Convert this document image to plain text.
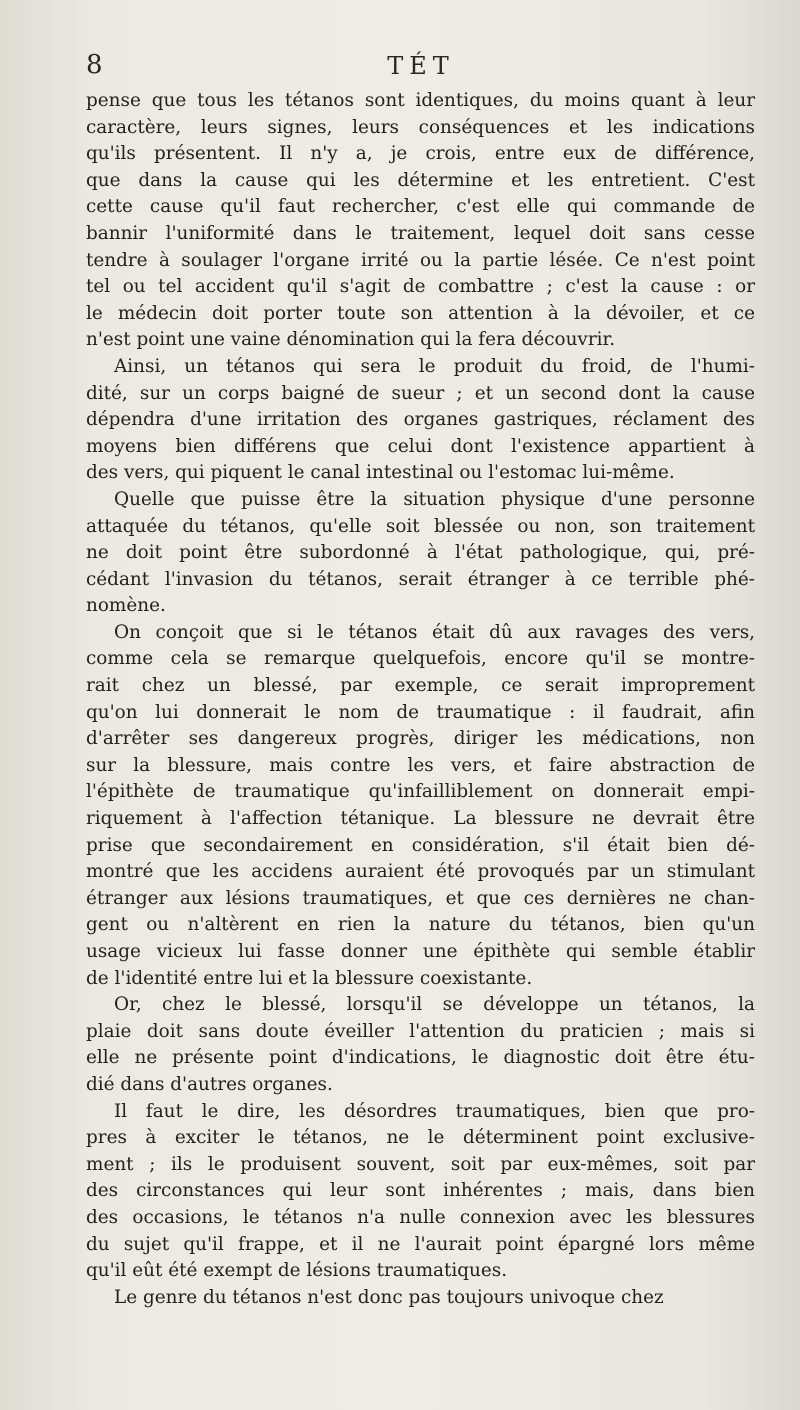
8	TÉT
pense que tous les tétanos sont identiques, du moins quant à leur
caractère, leurs signes, leurs conséquences et les indications
qu'ils présentent. Il n'y a, je crois, entre eux de différence,
que dans la cause qui les détermine et les entretient. C'est
cette cause qu'il faut rechercher, c'est elle qui commande de
bannir l'uniformité dans le traitement, lequel doit sans cesse
tendre à soulager l'organe irrité ou la partie lésée. Ce n'est point
tel ou tel accident qu'il s'agit de combattre ; c'est la cause : or
le médecin doit porter toute son attention à la dévoiler, et ce
n'est point une vaine dénomination qui la fera découvrir.
Ainsi, un tétanos qui sera le produit du froid, de l'humi-
dité, sur un corps baigné de sueur ; et un second dont la cause
dépendra d'une irritation des organes gastriques, réclament des
moyens bien différens que celui dont l'existence appartient à
des vers, qui piquent le canal intestinal ou l'estomac lui-même.
Quelle que puisse être la situation physique d'une personne
attaquée du tétanos, qu'elle soit blessée ou non, son traitement
ne doit point être subordonné à l'état pathologique, qui, pré-
cédant l'invasion du tétanos, serait étranger à ce terrible phé-
nomène.
On conçoit que si le tétanos était dû aux ravages des vers,
comme cela se remarque quelquefois, encore qu'il se montre-
rait chez un blessé, par exemple, ce serait improprement
qu'on lui donnerait le nom de traumatique : il faudrait, afin
d'arrêter ses dangereux progrès, diriger les médications, non
sur la blessure, mais contre les vers, et faire abstraction de
l'épithète de traumatique qu'infailliblement on donnerait empi-
riquement à l'affection tétanique. La blessure ne devrait être
prise que secondairement en considération, s'il était bien dé-
montré que les accidens auraient été provoqués par un stimulant
étranger aux lésions traumatiques, et que ces dernières ne chan-
gent ou n'altèrent en rien la nature du tétanos, bien qu'un
usage vicieux lui fasse donner une épithète qui semble établir
de l'identité entre lui et la blessure coexistante.
Or, chez le blessé, lorsqu'il se développe un tétanos, la
plaie doit sans doute éveiller l'attention du praticien ; mais si
elle ne présente point d'indications, le diagnostic doit être étu-
dié dans d'autres organes.
Il faut le dire, les désordres traumatiques, bien que pro-
pres à exciter le tétanos, ne le déterminent point exclusive-
ment ; ils le produisent souvent, soit par eux-mêmes, soit par
des circonstances qui leur sont inhérentes ; mais, dans bien
des occasions, le tétanos n'a nulle connexion avec les blessures
du sujet qu'il frappe, et il ne l'aurait point épargné lors même
qu'il eût été exempt de lésions traumatiques.
Le genre du tétanos n'est donc pas toujours univoque chez
